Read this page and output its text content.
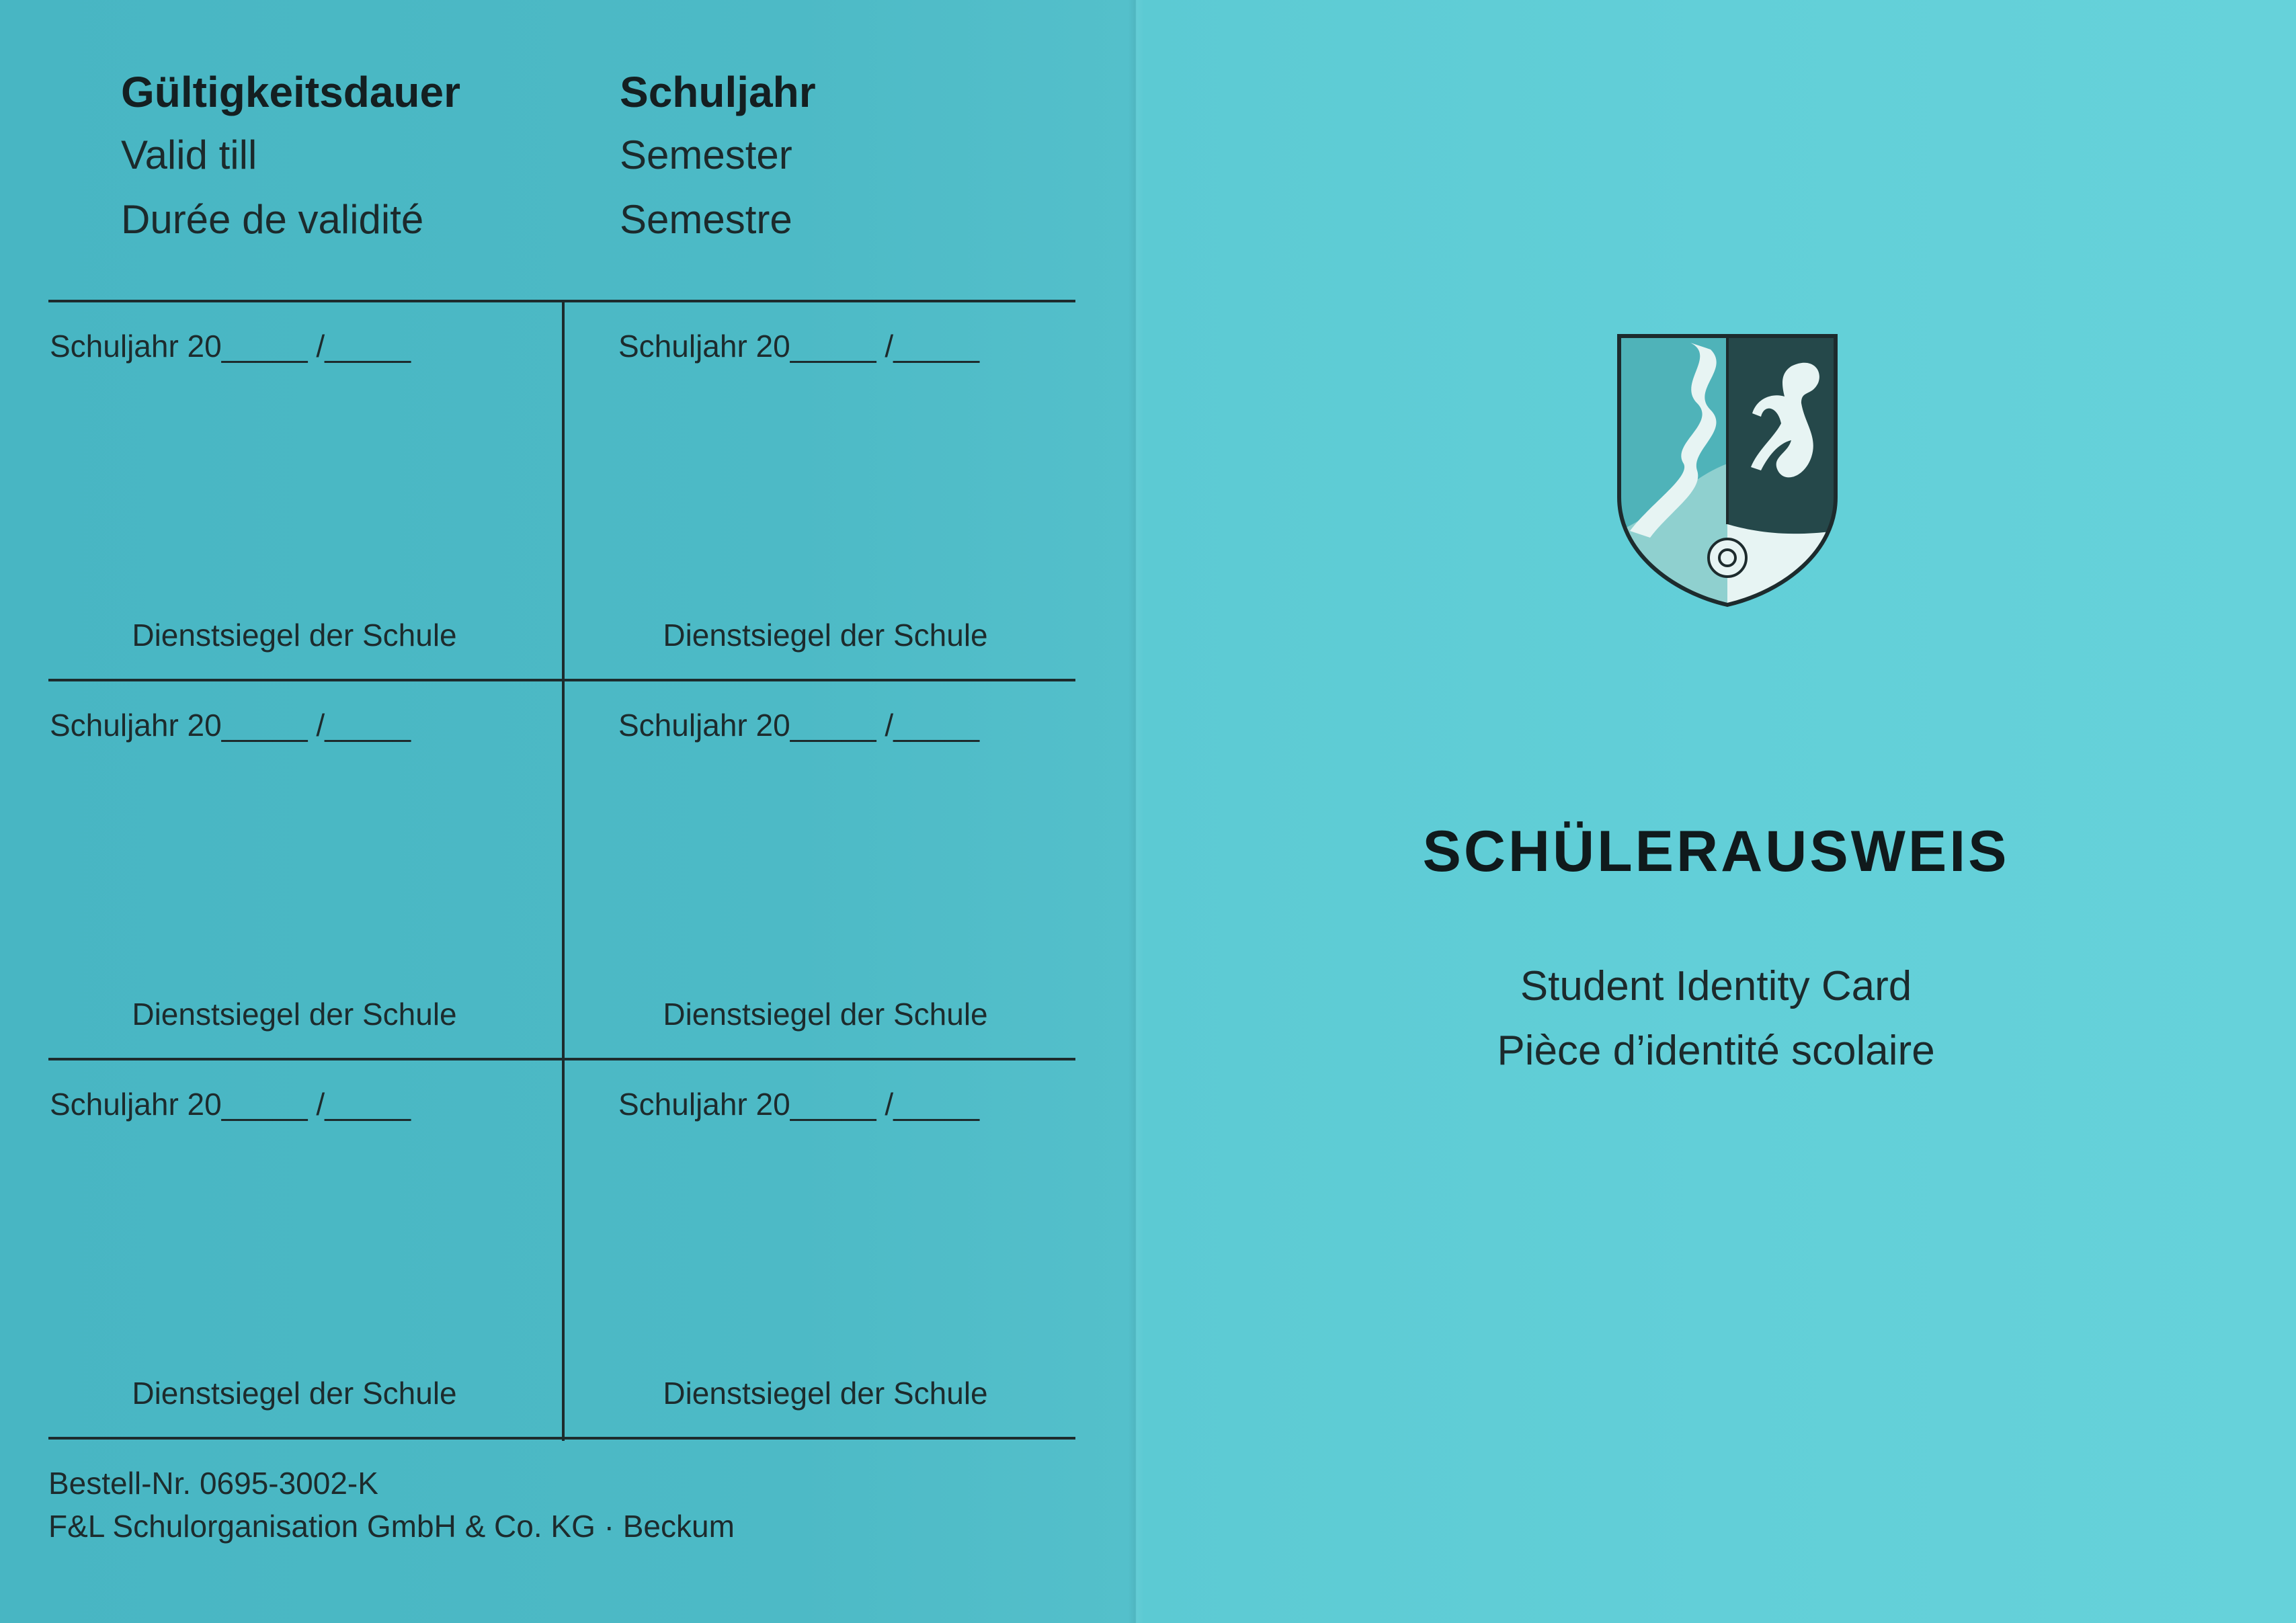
Gültigkeitsdauer
Valid till
Durée de validité
Schuljahr
Semester
Semestre
Schuljahr 20_____ /_____	Schuljahr 20_____ /_____
Dienstsiegel der Schule	Dienstsiegel der Schule
Schuljahr 20_____ /_____	Schuljahr 20_____ /_____
Dienstsiegel der Schule	Dienstsiegel der Schule
Schuljahr 20_____ /_____	Schuljahr 20_____ /_____
Dienstsiegel der Schule	Dienstsiegel der Schule
Bestell-Nr. 0695-3002-K
F&L Schulorganisation GmbH & Co. KG · Beckum
SCHÜLERAUSWEIS
Student Identity Card
Pièce d’identité scolaire
